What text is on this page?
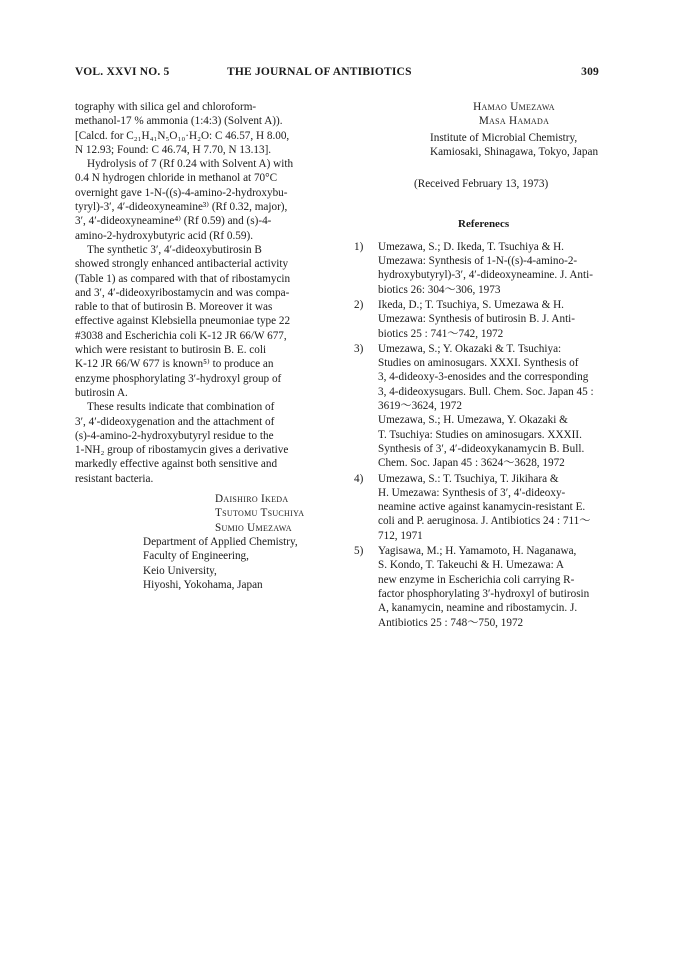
VOL. XXVI NO. 5	THE JOURNAL OF ANTIBIOTICS	309
tography with silica gel and chloroform-
methanol-17 % ammonia (1:4:3) (Solvent A)).
[Calcd. for C₂₁H₄₁N₅O₁₀·H₂O: C 46.57, H 8.00,
N 12.93; Found: C 46.74, H 7.70, N 13.13].
Hydrolysis of 7 (Rf 0.24 with Solvent A) with
0.4 N hydrogen chloride in methanol at 70°C
overnight gave 1-N-((s)-4-amino-2-hydroxybu-
tyryl)-3′, 4′-dideoxyneamine³⁾ (Rf 0.32, major),
3′, 4′-dideoxyneamine⁴⁾ (Rf 0.59) and (s)-4-
amino-2-hydroxybutyric acid (Rf 0.59).
The synthetic 3′, 4′-dideoxybutirosin B
showed strongly enhanced antibacterial activity
(Table 1) as compared with that of ribostamycin
and 3′, 4′-dideoxyribostamycin and was compa-
rable to that of butirosin B. Moreover it was
effective against Klebsiella pneumoniae type 22
#3038 and Escherichia coli K-12 JR 66/W 677,
which were resistant to butirosin B. E. coli
K-12 JR 66/W 677 is known⁵⁾ to produce an
enzyme phosphorylating 3′-hydroxyl group of
butirosin A.
These results indicate that combination of
3′, 4′-dideoxygenation and the attachment of
(s)-4-amino-2-hydroxybutyryl residue to the
1-NH₂ group of ribostamycin gives a derivative
markedly effective against both sensitive and
resistant bacteria.
Daishiro Ikeda
Tsutomu Tsuchiya
Sumio Umezawa
Department of Applied Chemistry,
Faculty of Engineering,
Keio University,
Hiyoshi, Yokohama, Japan
Hamao Umezawa
Masa Hamada
Institute of Microbial Chemistry,
Kamiosaki, Shinagawa, Tokyo, Japan
(Received February 13, 1973)
Referenecs
1) Umezawa, S.; D. Ikeda, T. Tsuchiya & H.
Umezawa: Synthesis of 1-N-((s)-4-amino-2-
hydroxybutyryl)-3′, 4′-dideoxyneamine. J. Anti-
biotics 26: 304～306, 1973
2) Ikeda, D.; T. Tsuchiya, S. Umezawa & H.
Umezawa: Synthesis of butirosin B. J. Anti-
biotics 25 : 741～742, 1972
3) Umezawa, S.; Y. Okazaki & T. Tsuchiya:
Studies on aminosugars. XXXI. Synthesis of
3, 4-dideoxy-3-enosides and the corresponding
3, 4-dideoxysugars. Bull. Chem. Soc. Japan 45 :
3619～3624, 1972
Umezawa, S.; H. Umezawa, Y. Okazaki &
T. Tsuchiya: Studies on aminosugars. XXXII.
Synthesis of 3′, 4′-dideoxykanamycin B. Bull.
Chem. Soc. Japan 45 : 3624～3628, 1972
4) Umezawa, S.: T. Tsuchiya, T. Jikihara &
H. Umezawa: Synthesis of 3′, 4′-dideoxy-
neamine active against kanamycin-resistant E.
coli and P. aeruginosa. J. Antibiotics 24 : 711～
712, 1971
5) Yagisawa, M.; H. Yamamoto, H. Naganawa,
S. Kondo, T. Takeuchi & H. Umezawa: A
new enzyme in Escherichia coli carrying R-
factor phosphorylating 3′-hydroxyl of butirosin
A, kanamycin, neamine and ribostamycin. J.
Antibiotics 25 : 748～750, 1972
